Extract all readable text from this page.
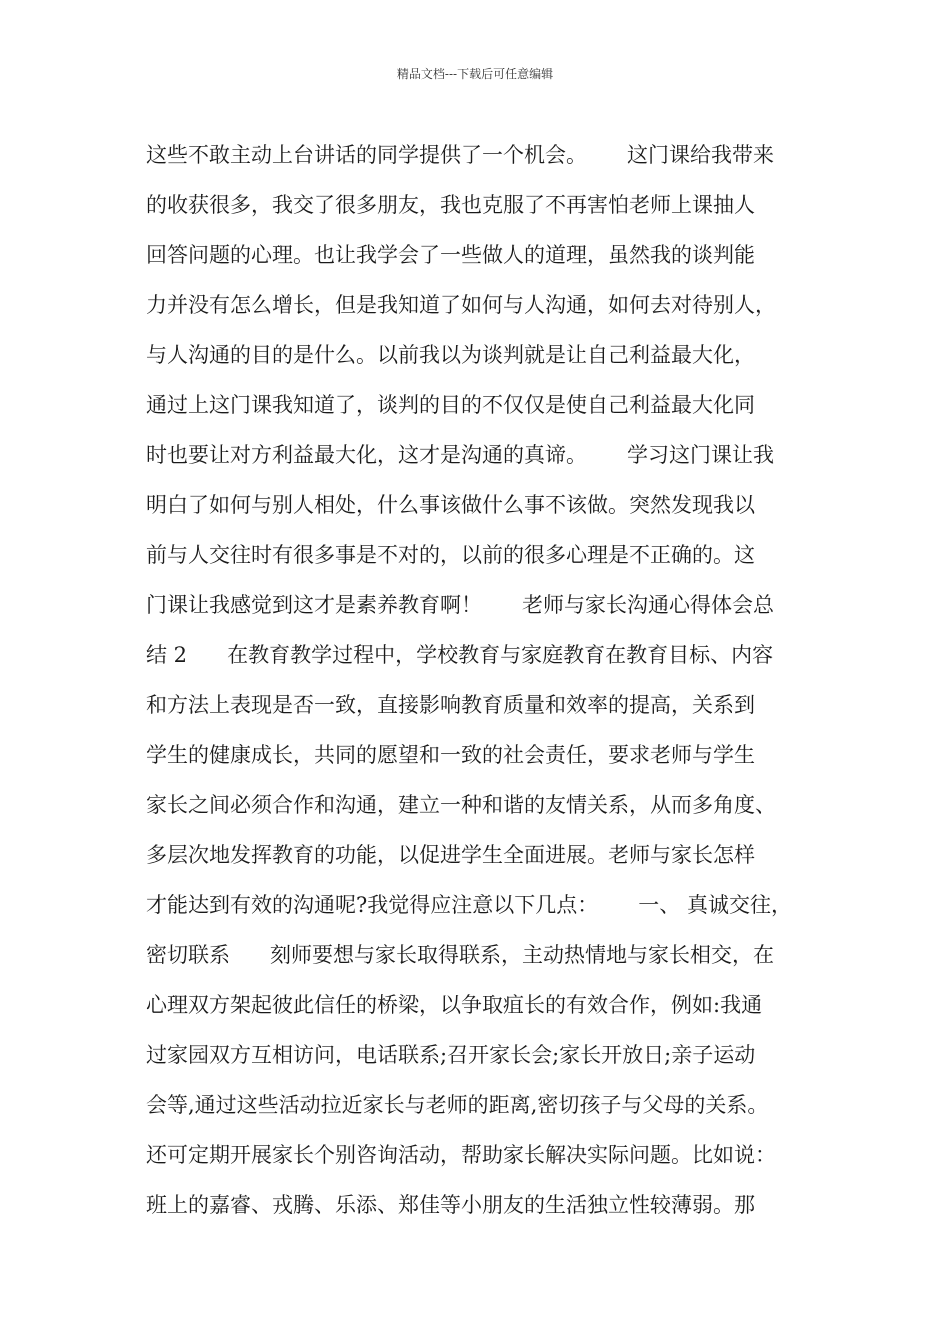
精品文档---下载后可任意编辑
这些不敢主动上台讲话的同学提供了一个机会。      这门课给我带来
的收获很多，我交了很多朋友，我也克服了不再害怕老师上课抽人
回答问题的心理。也让我学会了一些做人的道理，虽然我的谈判能
力并没有怎么增长，但是我知道了如何与人沟通，如何去对待别人，
与人沟通的目的是什么。以前我以为谈判就是让自己利益最大化，
通过上这门课我知道了，谈判的目的不仅仅是使自己利益最大化同
时也要让对方利益最大化，这才是沟通的真谛。      学习这门课让我
明白了如何与别人相处，什么事该做什么事不该做。突然发现我以
前与人交往时有很多事是不对的，以前的很多心理是不正确的。这
门课让我感觉到这才是素养教育啊！      老师与家长沟通心得体会总
结 2      在教育教学过程中，学校教育与家庭教育在教育目标、内容
和方法上表现是否一致，直接影响教育质量和效率的提高，关系到
学生的健康成长，共同的愿望和一致的社会责任，要求老师与学生
家长之间必须合作和沟通，建立一种和谐的友情关系，从而多角度、
多层次地发挥教育的功能，以促进学生全面进展。老师与家长怎样
才能达到有效的沟通呢?我觉得应注意以下几点：      一、 真诚交往，
密切联系      刻师要想与家长取得联系，主动热情地与家长相交，在
心理双方架起彼此信任的桥梁，以争取疽长的有效合作，例如:我通
过家园双方互相访问，电话联系;召开家长会;家长开放日;亲子运动
会等,通过这些活动拉近家长与老师的距离,密切孩子与父母的关系。
还可定期开展家长个别咨询活动，帮助家长解决实际问题。比如说：
班上的嘉睿、戎腾、乐添、郑佳等小朋友的生活独立性较薄弱。那
